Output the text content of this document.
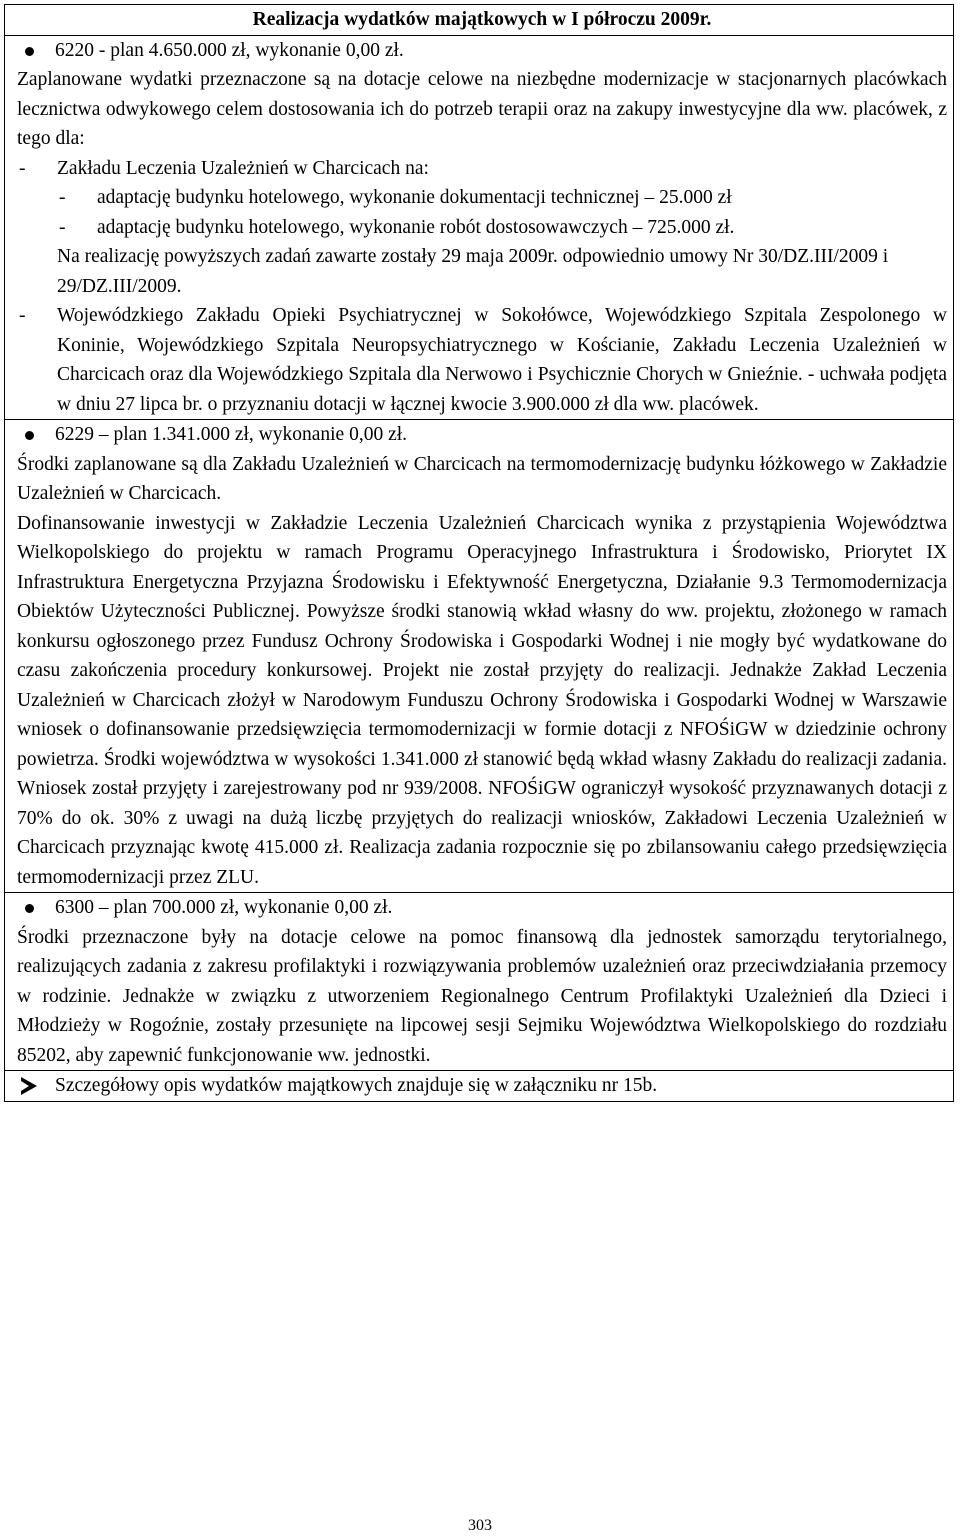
Realizacja wydatków majątkowych w I półroczu 2009r.
6220 - plan 4.650.000 zł, wykonanie 0,00 zł.
Zaplanowane wydatki przeznaczone są na dotacje celowe na niezbędne modernizacje w stacjonarnych placówkach lecznictwa odwykowego celem dostosowania ich do potrzeb terapii oraz na zakupy inwestycyjne dla ww. placówek, z tego dla:
- Zakładu Leczenia Uzależnień w Charcicach na:
- adaptację budynku hotelowego, wykonanie dokumentacji technicznej – 25.000 zł
- adaptację budynku hotelowego, wykonanie robót dostosowawczych – 725.000 zł.
Na realizację powyższych zadań zawarte zostały 29 maja 2009r. odpowiednio umowy Nr 30/DZ.III/2009 i 29/DZ.III/2009.
- Wojewódzkiego Zakładu Opieki Psychiatrycznej w Sokołówce, Wojewódzkiego Szpitala Zespolonego w Koninie, Wojewódzkiego Szpitala Neuropsychiatrycznego w Kościanie, Zakładu Leczenia Uzależnień w Charcicach oraz dla Wojewódzkiego Szpitala dla Nerwowo i Psychicznie Chorych w Gnieźnie. - uchwała podjęta w dniu 27 lipca br. o przyznaniu dotacji w łącznej kwocie 3.900.000 zł dla ww. placówek.
6229 – plan 1.341.000 zł, wykonanie 0,00 zł.
Środki zaplanowane są dla Zakładu Uzależnień w Charcicach na termomodernizację budynku łóżkowego w Zakładzie Uzależnień w Charcicach.
Dofinansowanie inwestycji w Zakładzie Leczenia Uzależnień Charcicach wynika z przystąpienia Województwa Wielkopolskiego do projektu w ramach Programu Operacyjnego Infrastruktura i Środowisko, Priorytet IX Infrastruktura Energetyczna Przyjazna Środowisku i Efektywność Energetyczna, Działanie 9.3 Termomodernizacja Obiektów Użyteczności Publicznej. Powyższe środki stanowią wkład własny do ww. projektu, złożonego w ramach konkursu ogłoszonego przez Fundusz Ochrony Środowiska i Gospodarki Wodnej i nie mogły być wydatkowane do czasu zakończenia procedury konkursowej. Projekt nie został przyjęty do realizacji. Jednakże Zakład Leczenia Uzależnień w Charcicach złożył w Narodowym Funduszu Ochrony Środowiska i Gospodarki Wodnej w Warszawie wniosek o dofinansowanie przedsięwzięcia termomodernizacji w formie dotacji z NFOŚiGW w dziedzinie ochrony powietrza. Środki województwa w wysokości 1.341.000 zł stanowić będą wkład własny Zakładu do realizacji zadania. Wniosek został przyjęty i zarejestrowany pod nr 939/2008. NFOŚiGW ograniczył wysokość przyznawanych dotacji z 70% do ok. 30% z uwagi na dużą liczbę przyjętych do realizacji wniosków, Zakładowi Leczenia Uzależnień w Charcicach przyznając kwotę 415.000 zł. Realizacja zadania rozpocznie się po zbilansowaniu całego przedsięwzięcia termomodernizacji przez ZLU.
6300 – plan 700.000 zł, wykonanie 0,00 zł.
Środki przeznaczone były na dotacje celowe na pomoc finansową dla jednostek samorządu terytorialnego, realizujących zadania z zakresu profilaktyki i rozwiązywania problemów uzależnień oraz przeciwdziałania przemocy w rodzinie. Jednakże w związku z utworzeniem Regionalnego Centrum Profilaktyki Uzależnień dla Dzieci i Młodzieży w Rogoźnie, zostały przesunięte na lipcowej sesji Sejmiku Województwa Wielkopolskiego do rozdziału 85202, aby zapewnić funkcjonowanie ww. jednostki.
Szczegółowy opis wydatków majątkowych znajduje się w załączniku nr 15b.
303
